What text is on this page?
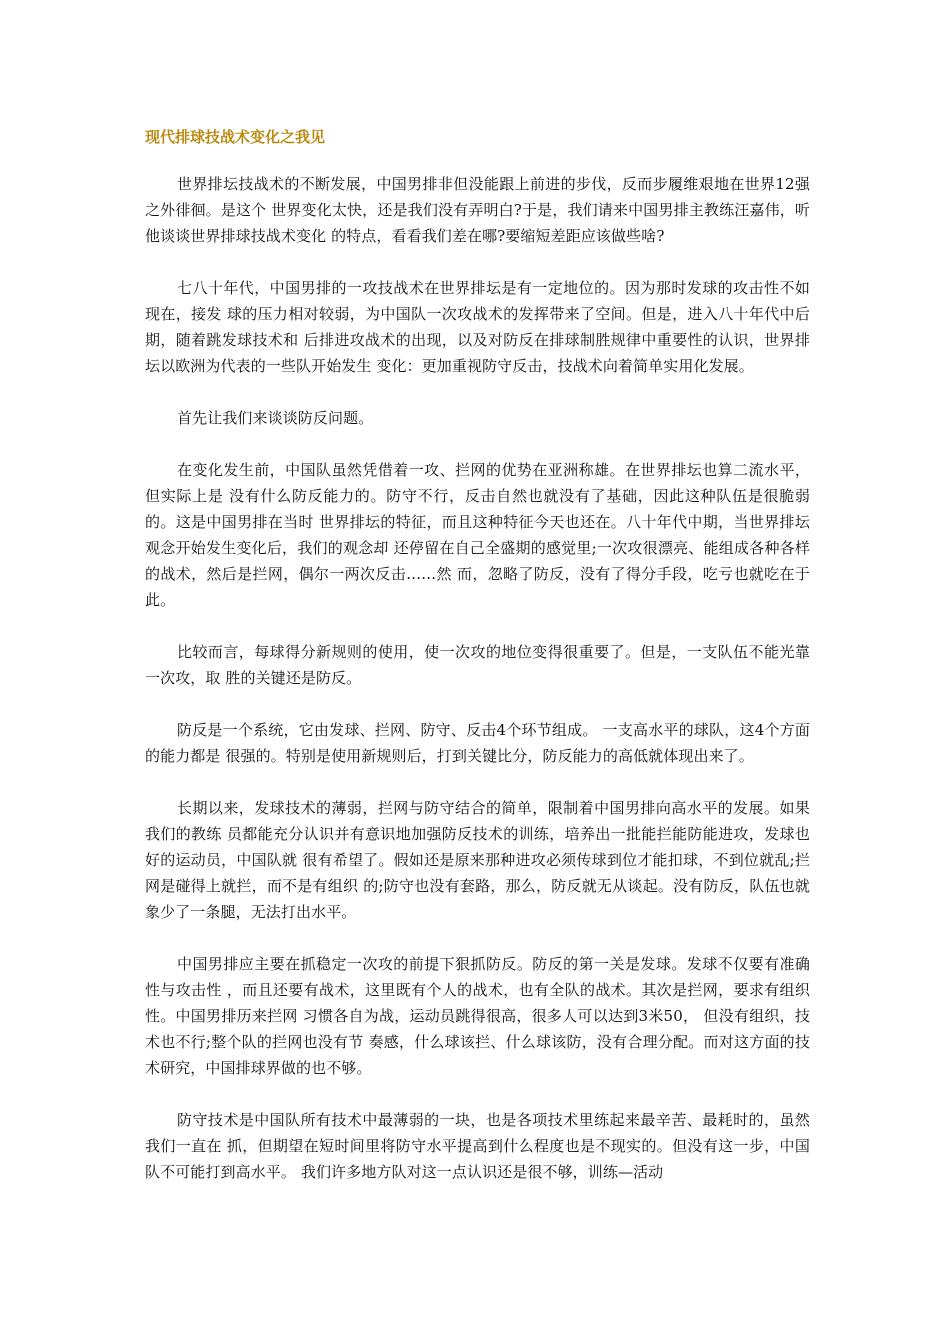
现代排球技战术变化之我见

世界排坛技战术的不断发展，中国男排非但没能跟上前进的步伐，反而步履维艰地在世界12强之外徘徊。是这个 世界变化太快，还是我们没有弄明白?于是，我们请来中国男排主教练汪嘉伟，听他谈谈世界排球技战术变化 的特点，看看我们差在哪?要缩短差距应该做些啥?

七八十年代，中国男排的一攻技战术在世界排坛是有一定地位的。因为那时发球的攻击性不如现在，接发 球的压力相对较弱，为中国队一次攻战术的发挥带来了空间。但是，进入八十年代中后期，随着跳发球技术和 后排进攻战术的出现，以及对防反在排球制胜规律中重要性的认识，世界排坛以欧洲为代表的一些队开始发生 变化：更加重视防守反击，技战术向着简单实用化发展。

首先让我们来谈谈防反问题。

在变化发生前，中国队虽然凭借着一攻、拦网的优势在亚洲称雄。在世界排坛也算二流水平，但实际上是 没有什么防反能力的。防守不行，反击自然也就没有了基础，因此这种队伍是很脆弱的。这是中国男排在当时 世界排坛的特征，而且这种特征今天也还在。八十年代中期，当世界排坛观念开始发生变化后，我们的观念却 还停留在自己全盛期的感觉里;一次攻很漂亮、能组成各种各样的战术，然后是拦网，偶尔一两次反击……然 而，忽略了防反，没有了得分手段，吃亏也就吃在于此。

比较而言，每球得分新规则的使用，使一次攻的地位变得很重要了。但是，一支队伍不能光靠一次攻，取 胜的关键还是防反。

防反是一个系统，它由发球、拦网、防守、反击4个环节组成。 一支高水平的球队，这4个方面的能力都是 很强的。特别是使用新规则后，打到关键比分，防反能力的高低就体现出来了。

长期以来，发球技术的薄弱，拦网与防守结合的简单，限制着中国男排向高水平的发展。如果我们的教练 员都能充分认识并有意识地加强防反技术的训练，培养出一批能拦能防能进攻，发球也好的运动员，中国队就 很有希望了。假如还是原来那种进攻必须传球到位才能扣球，不到位就乱;拦网是碰得上就拦，而不是有组织 的;防守也没有套路，那么，防反就无从谈起。没有防反，队伍也就象少了一条腿，无法打出水平。

中国男排应主要在抓稳定一次攻的前提下狠抓防反。防反的第一关是发球。发球不仅要有准确性与攻击性 ，而且还要有战术，这里既有个人的战术，也有全队的战术。其次是拦网，要求有组织性。中国男排历来拦网 习惯各自为战，运动员跳得很高，很多人可以达到3米50， 但没有组织，技术也不行;整个队的拦网也没有节 奏感，什么球该拦、什么球该防，没有合理分配。而对这方面的技术研究，中国排球界做的也不够。

防守技术是中国队所有技术中最薄弱的一块，也是各项技术里练起来最辛苦、最耗时的，虽然我们一直在 抓，但期望在短时间里将防守水平提高到什么程度也是不现实的。但没有这一步，中国队不可能打到高水平。 我们许多地方队对这一点认识还是很不够，训练—活动
